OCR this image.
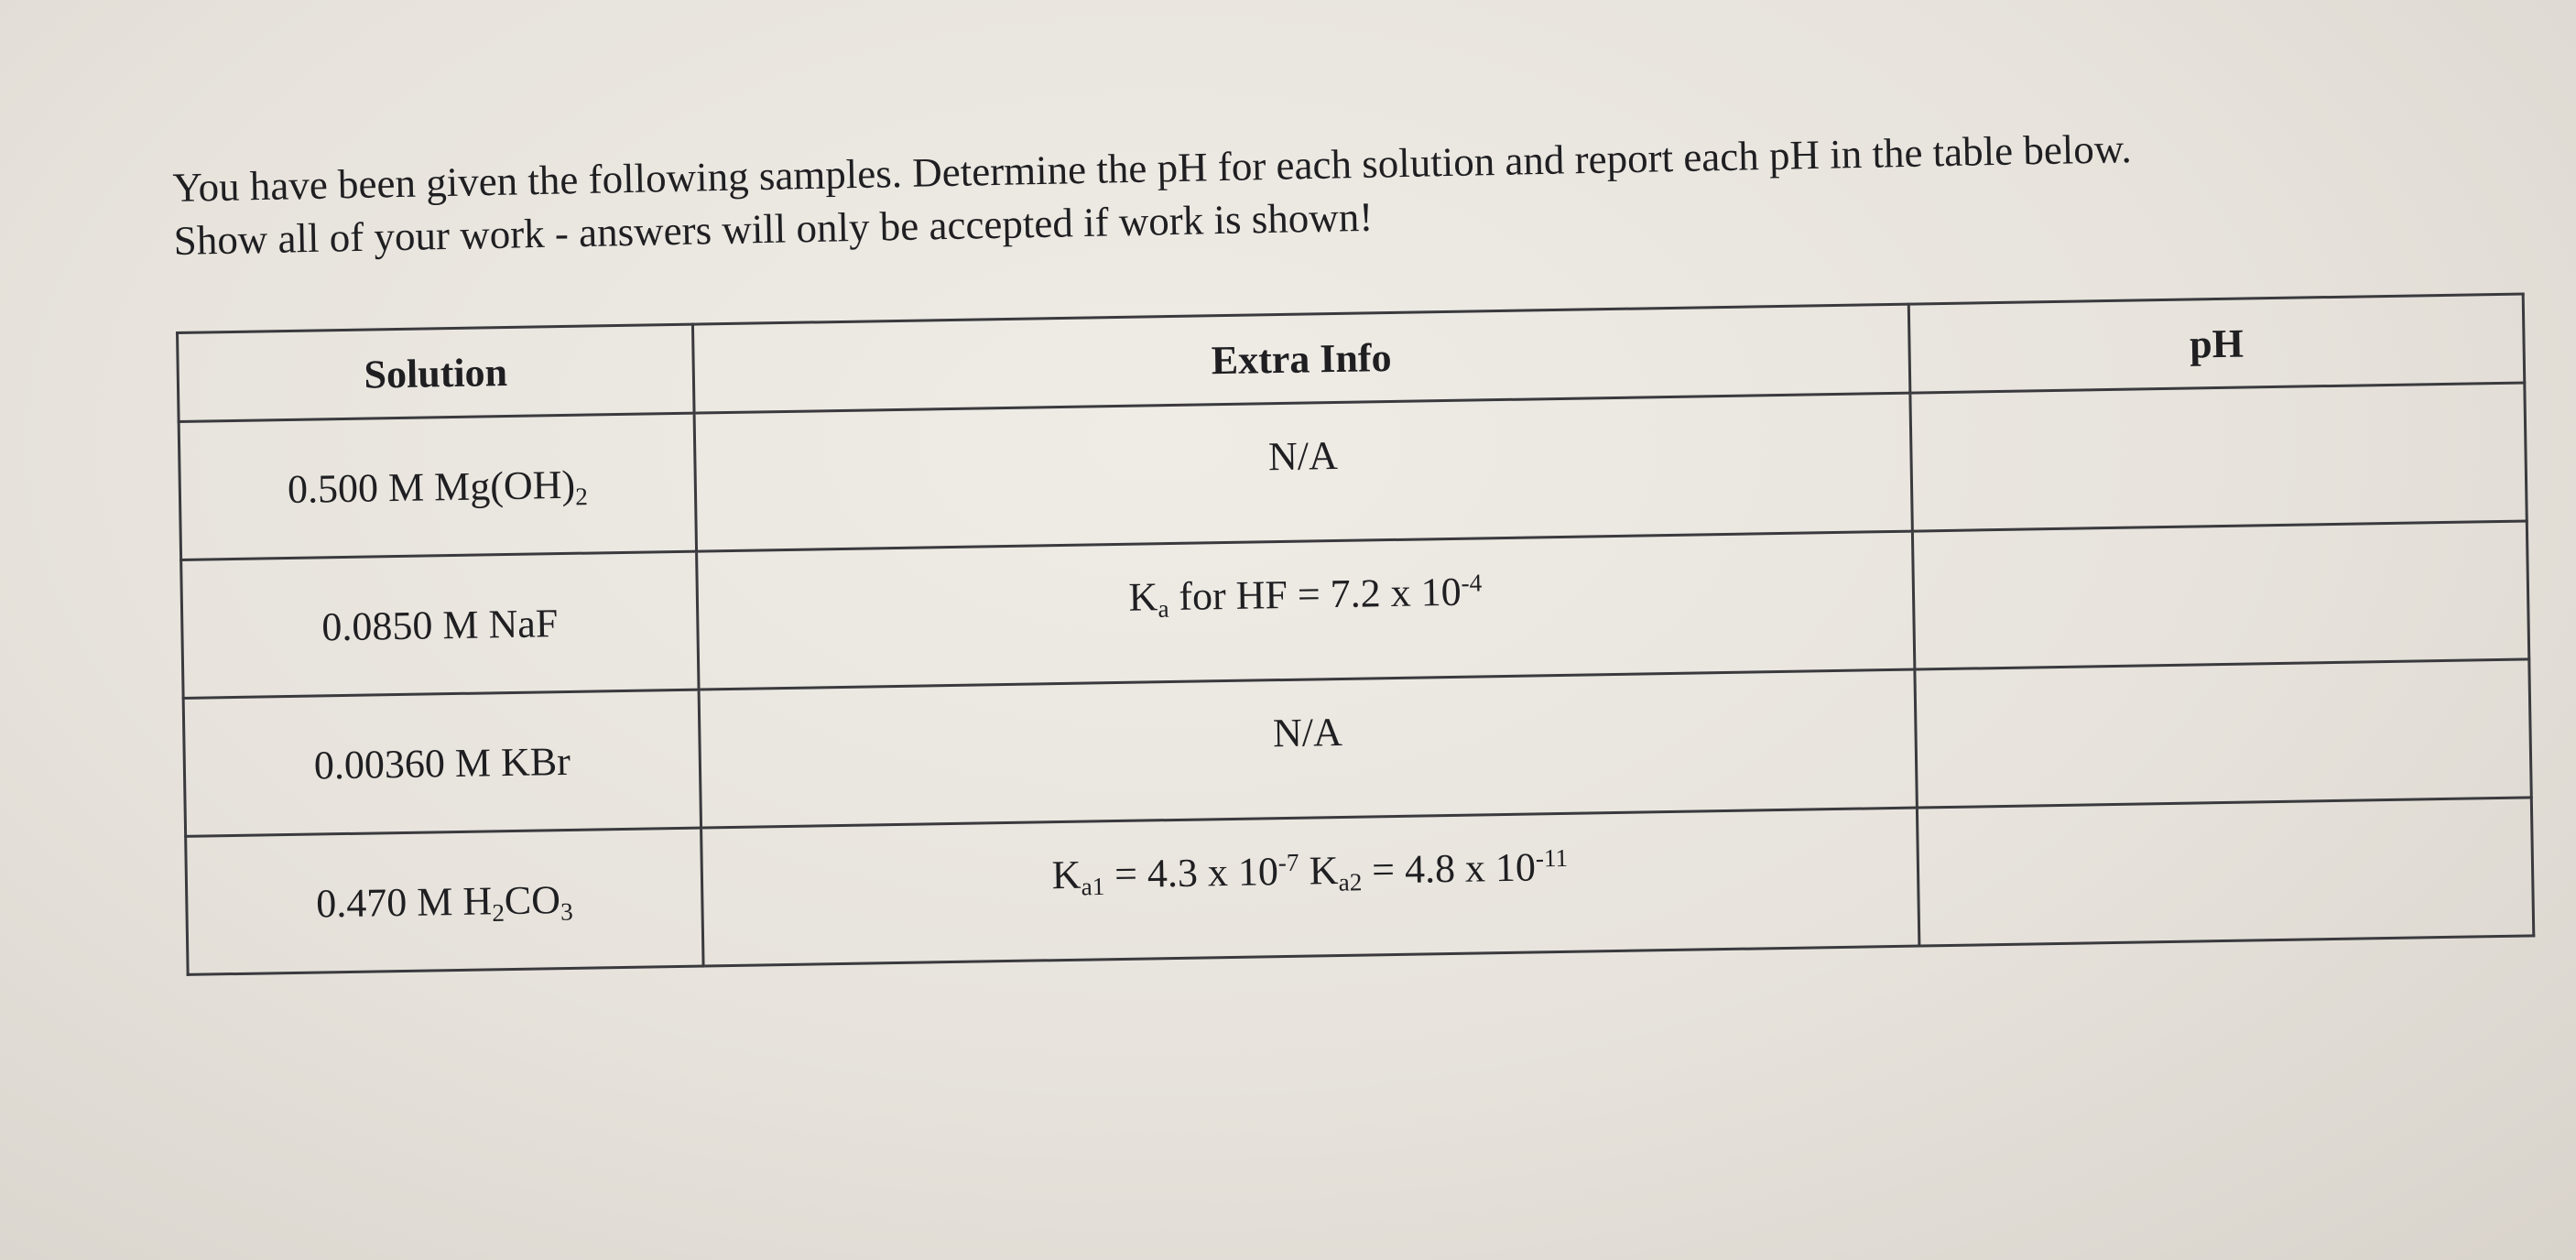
You have been given the following samples. Determine the pH for each solution and report each pH in the table below.

Show all of your work - answers will only be accepted if work is shown!

Solution	Extra Info	pH
0.500 M $Mg(OH)_2$	N/A	
0.0850 M NaF	$K_a$ for HF = 7.2 x $10^{-4}$	
0.00360 M KBr	N/A	
0.470 M $H_2CO_3$	$K_{a1} = 4.3$ x $10^{-7}$ $K_{a2} = 4.8$ x $10^{-11}$	
